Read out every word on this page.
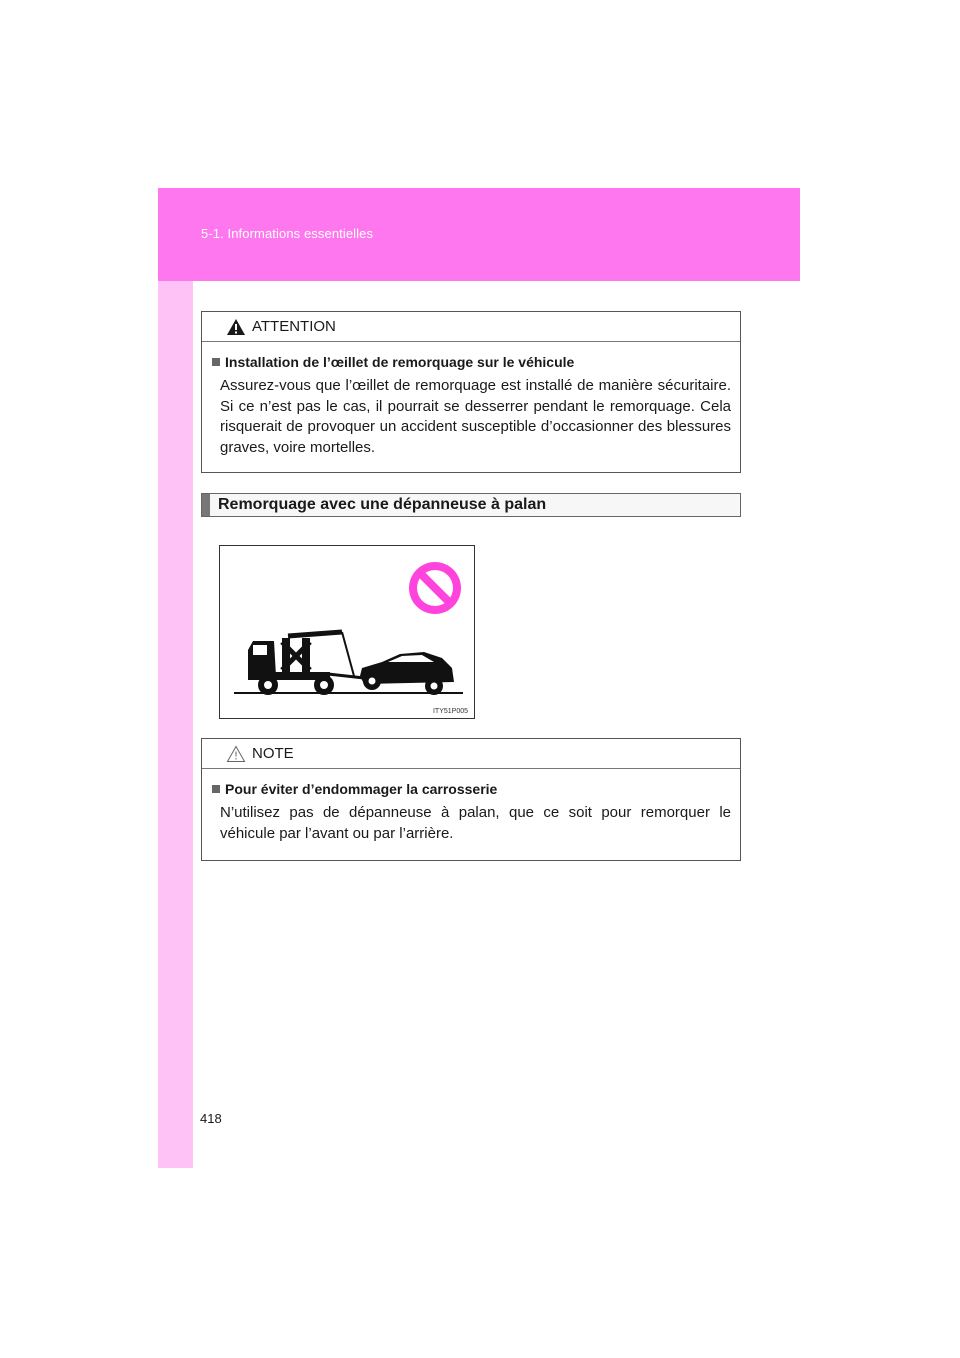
5-1. Informations essentielles
ATTENTION
Installation de l’œillet de remorquage sur le véhicule
Assurez-vous que l’œillet de remorquage est installé de manière sécuritaire. Si ce n’est pas le cas, il pourrait se desserrer pendant le remorquage. Cela risquerait de provoquer un accident susceptible d’occasionner des blessures graves, voire mortelles.
Remorquage avec une dépanneuse à palan
ITY51P005
NOTE
Pour éviter d’endommager la carrosserie
N’utilisez pas de dépanneuse à palan, que ce soit pour remorquer le véhicule par l’avant ou par l’arrière.
418
